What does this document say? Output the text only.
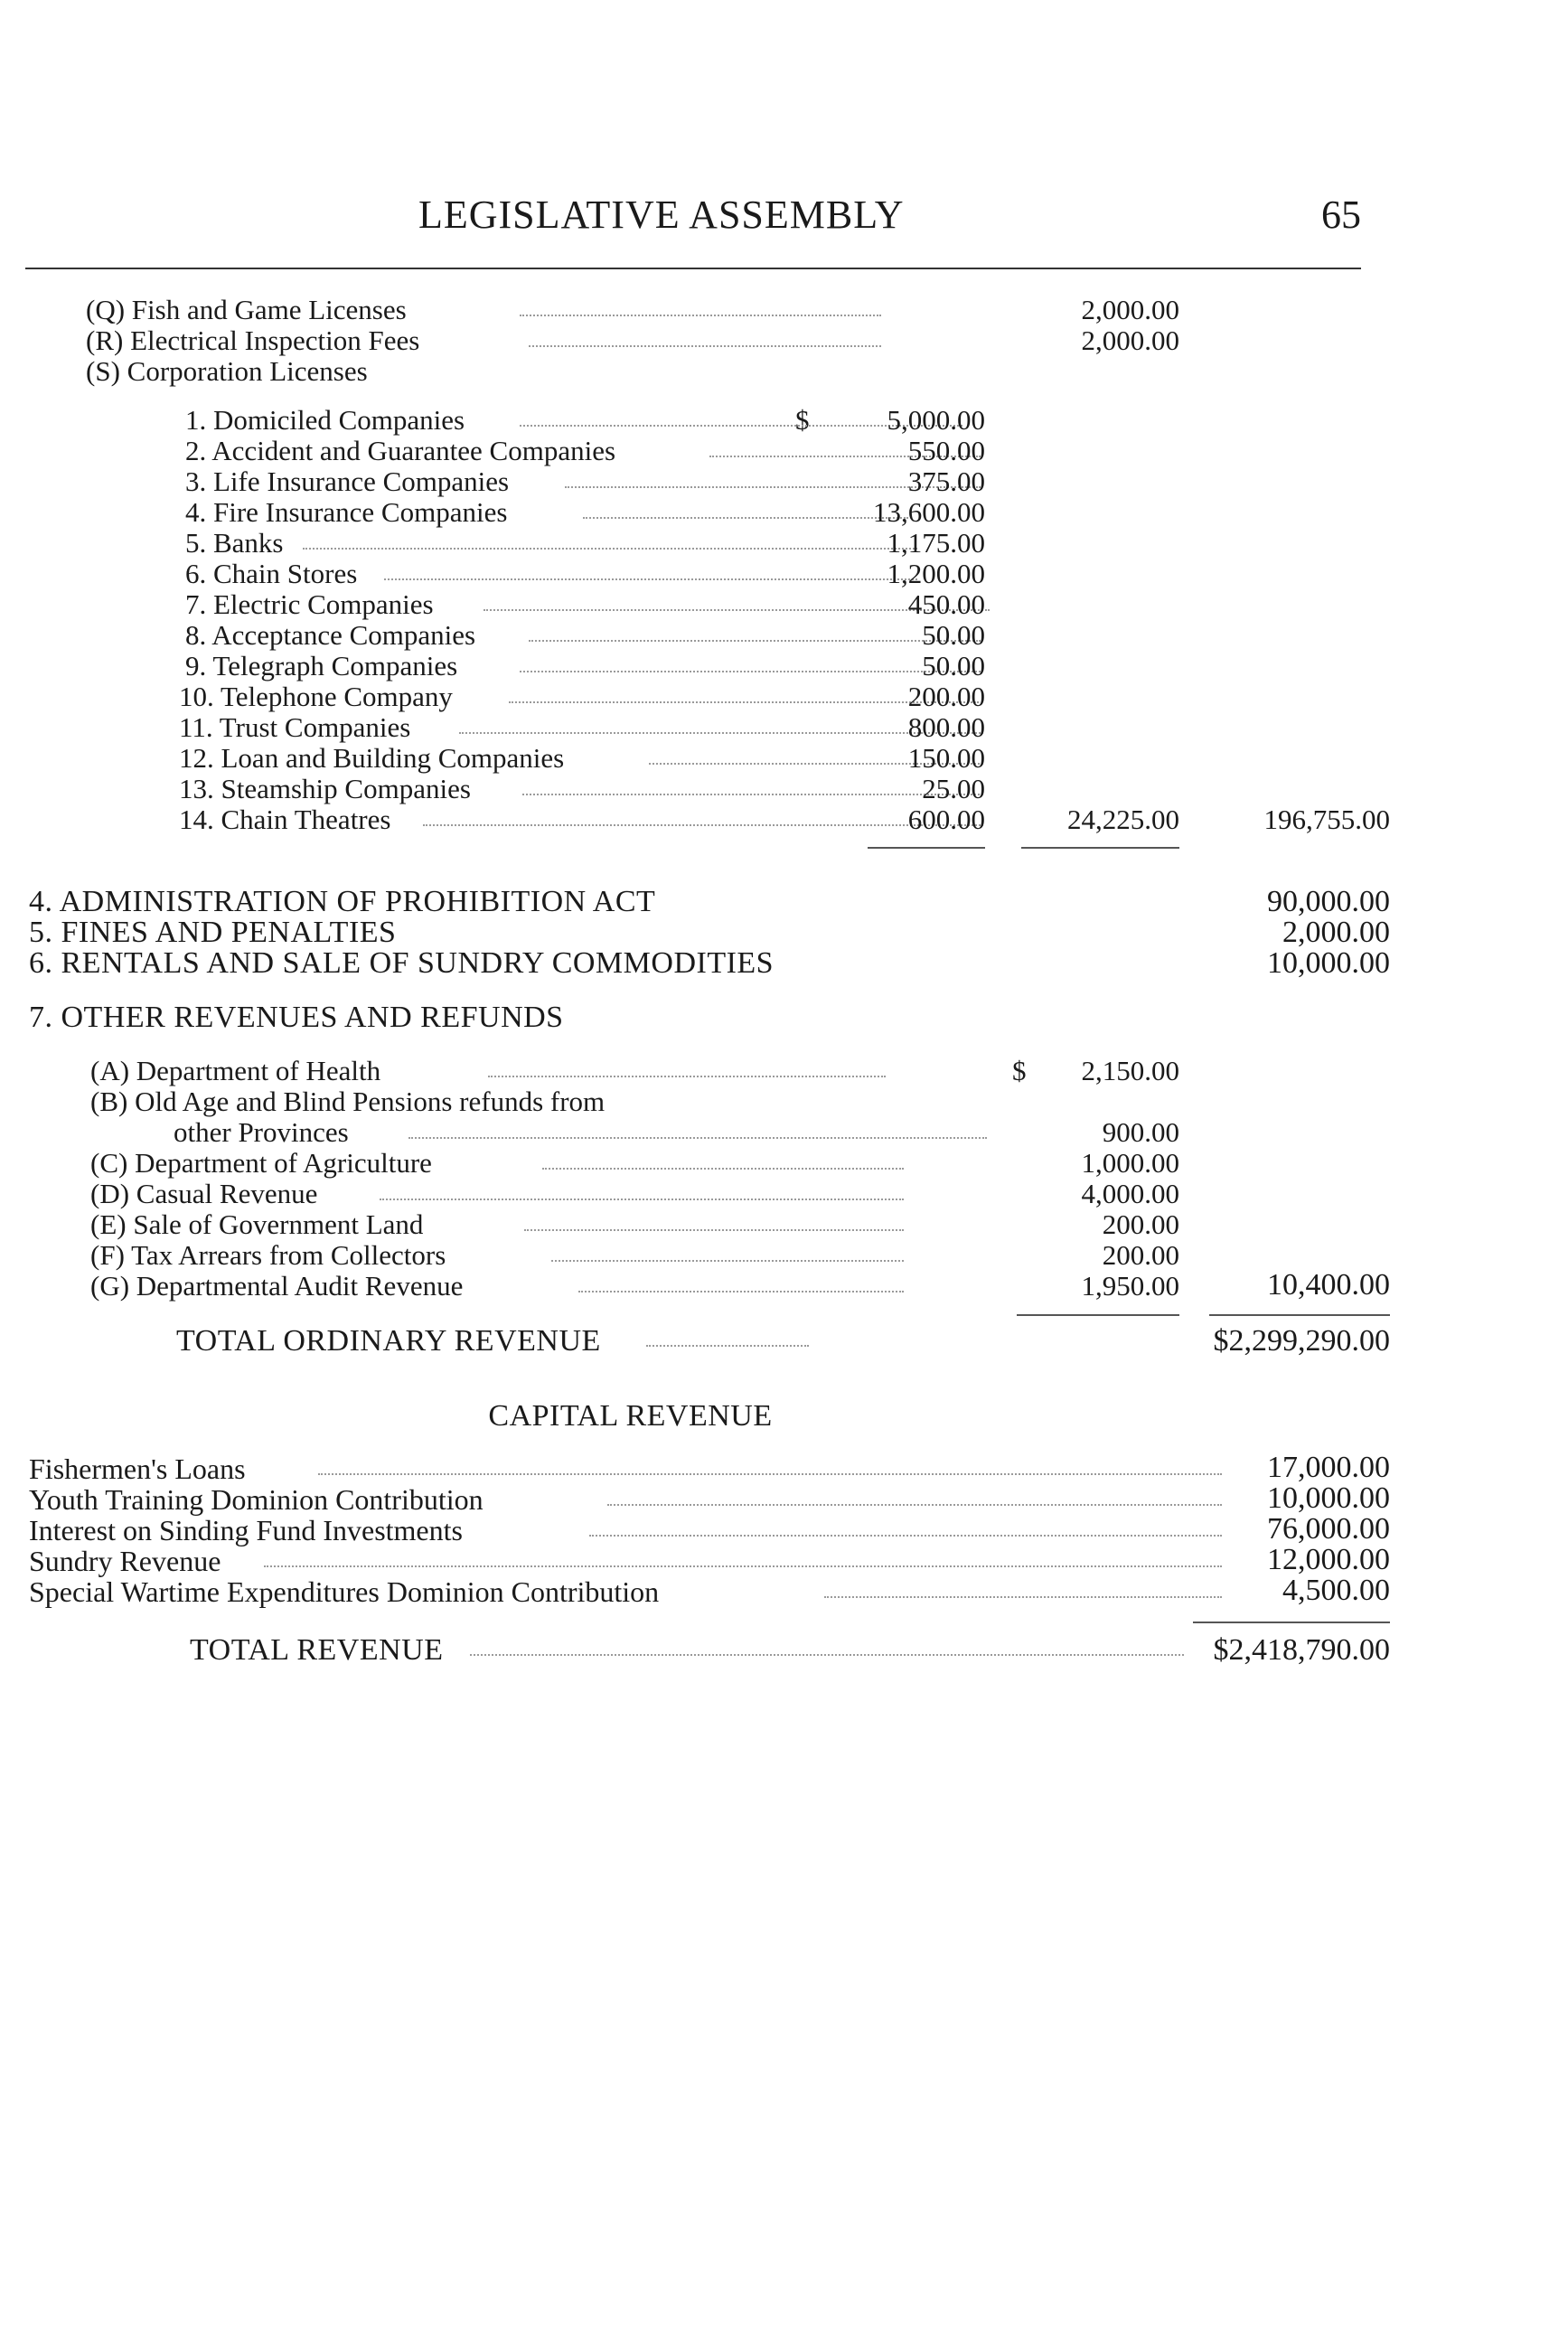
LEGISLATIVE ASSEMBLY	65
(Q) Fish and Game Licenses	2,000.00
(R) Electrical Inspection Fees	2,000.00
(S) Corporation Licenses
$
1. Domiciled Companies	5,000.00
2. Accident and Guarantee Companies	550.00
3. Life Insurance Companies	375.00
4. Fire Insurance Companies	13,600.00
5. Banks	1,175.00
6. Chain Stores	1,200.00
7. Electric Companies	450.00
8. Acceptance Companies	50.00
9. Telegraph Companies	50.00
10. Telephone Company	200.00
11. Trust Companies	800.00
12. Loan and Building Companies	150.00
13. Steamship Companies	25.00
14. Chain Theatres	600.00	24,225.00	196,755.00
4. ADMINISTRATION OF PROHIBITION ACT	90,000.00
5. FINES AND PENALTIES	2,000.00
6. RENTALS AND SALE OF SUNDRY COMMODITIES	10,000.00
7. OTHER REVENUES AND REFUNDS
$
(A) Department of Health	2,150.00
(B) Old Age and Blind Pensions refunds from
other Provinces	900.00
(C) Department of Agriculture	1,000.00
(D) Casual Revenue	4,000.00
(E) Sale of Government Land	200.00
(F) Tax Arrears from Collectors	200.00
(G) Departmental Audit Revenue	1,950.00	10,400.00
TOTAL ORDINARY REVENUE	$2,299,290.00
CAPITAL REVENUE
Fishermen's Loans	17,000.00
Youth Training Dominion Contribution	10,000.00
Interest on Sinding Fund Investments	76,000.00
Sundry Revenue	12,000.00
Special Wartime Expenditures Dominion Contribution	4,500.00
TOTAL REVENUE	$2,418,790.00
